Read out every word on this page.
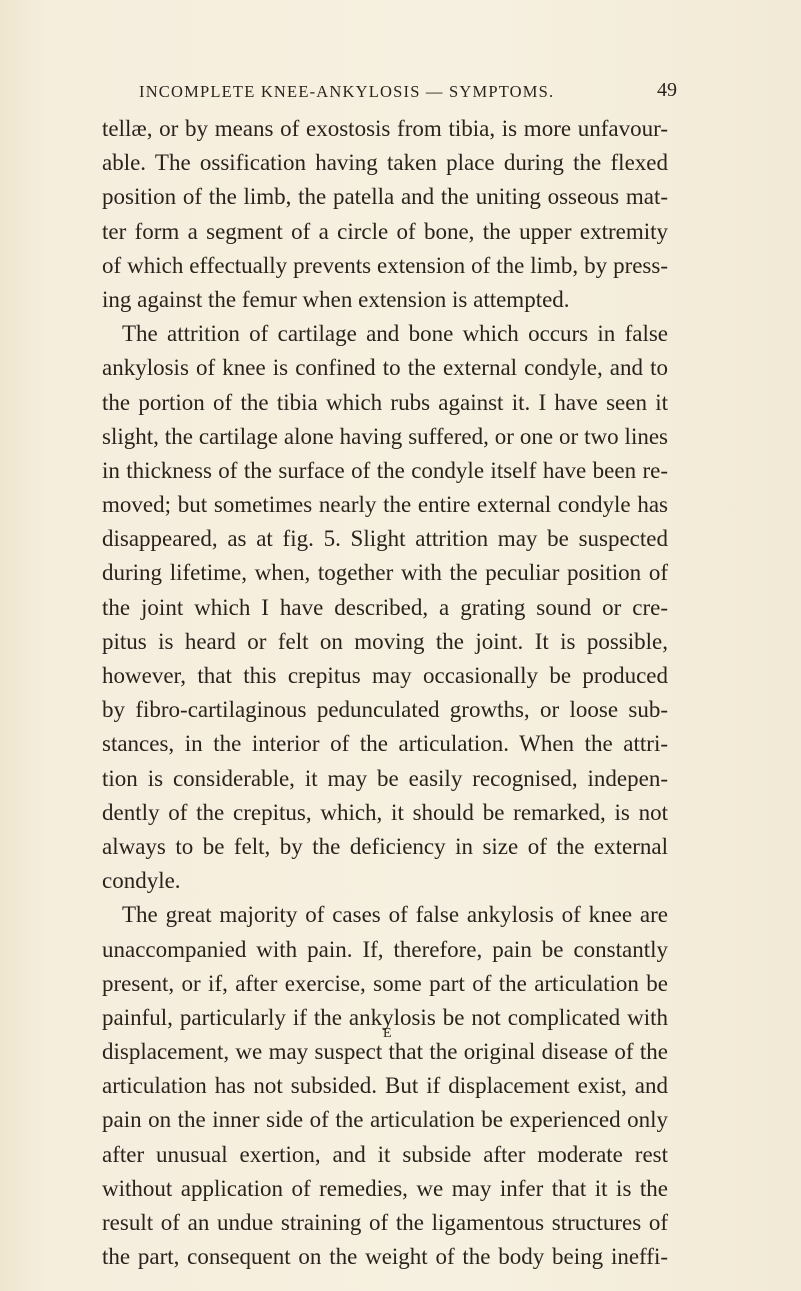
INCOMPLETE KNEE-ANKYLOSIS — SYMPTOMS.	49
tellæ, or by means of exostosis from tibia, is more unfavour-
able. The ossification having taken place during the flexed
position of the limb, the patella and the uniting osseous mat-
ter form a segment of a circle of bone, the upper extremity
of which effectually prevents extension of the limb, by press-
ing against the femur when extension is attempted.
The attrition of cartilage and bone which occurs in false
ankylosis of knee is confined to the external condyle, and to
the portion of the tibia which rubs against it. I have seen it
slight, the cartilage alone having suffered, or one or two lines
in thickness of the surface of the condyle itself have been re-
moved; but sometimes nearly the entire external condyle has
disappeared, as at fig. 5. Slight attrition may be suspected
during lifetime, when, together with the peculiar position of
the joint which I have described, a grating sound or cre-
pitus is heard or felt on moving the joint. It is possible,
however, that this crepitus may occasionally be produced
by fibro-cartilaginous pedunculated growths, or loose sub-
stances, in the interior of the articulation. When the attri-
tion is considerable, it may be easily recognised, indepen-
dently of the crepitus, which, it should be remarked, is not
always to be felt, by the deficiency in size of the external
condyle.
The great majority of cases of false ankylosis of knee are
unaccompanied with pain. If, therefore, pain be constantly
present, or if, after exercise, some part of the articulation be
painful, particularly if the ankylosis be not complicated with
displacement, we may suspect that the original disease of the
articulation has not subsided. But if displacement exist, and
pain on the inner side of the articulation be experienced only
after unusual exertion, and it subside after moderate rest
without application of remedies, we may infer that it is the
result of an undue straining of the ligamentous structures of
the part, consequent on the weight of the body being ineffi-
E
